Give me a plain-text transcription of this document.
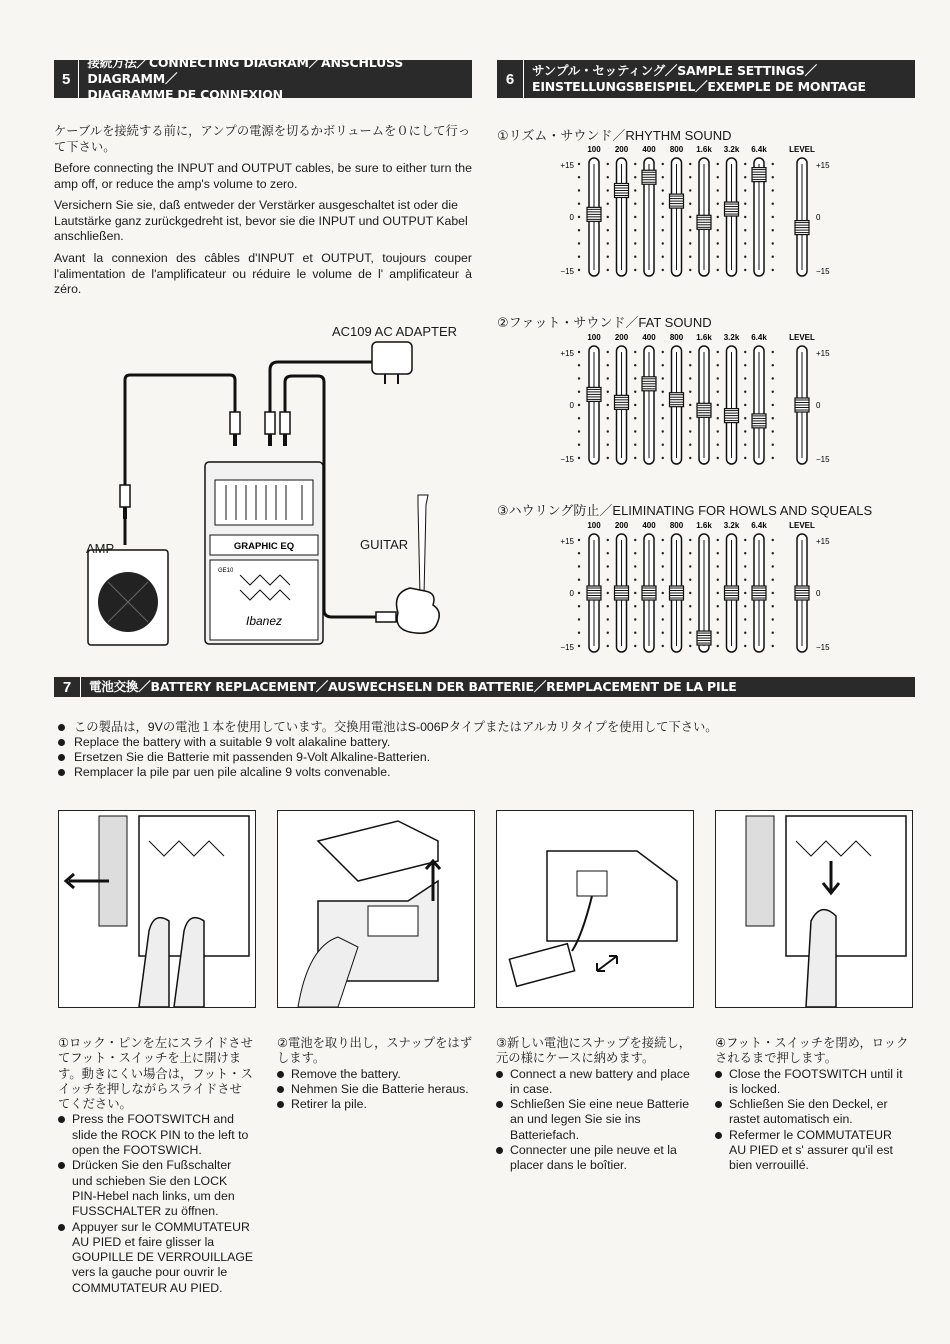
5
接続方法／CONNECTING DIAGRAM／ANSCHLUSS DIAGRAMM／
DIAGRAMME DE CONNEXION

ケーブルを接続する前に，アンプの電源を切るかボリュームを０にして行って下さい。

Before connecting the INPUT and OUTPUT cables, be sure to either turn the amp off, or reduce the amp's volume to zero.

Versichern Sie sie, daß entweder der Verstärker ausgeschaltet ist oder die Lautstärke ganz zurückgedreht ist, bevor sie die INPUT und OUTPUT Kabel anschließen.

Avant la connexion des câbles d'INPUT et OUTPUT, toujours couper l'alimentation de l'amplificateur ou réduire le volume de l' amplificateur à zéro.

GRAPHIC EQ
GE10
Ibanez
AC109 AC ADAPTER
AMP	GUITAR
6	サンプル・セッティング／SAMPLE SETTINGS／
EINSTELLUNGSBEISPIEL／EXEMPLE DE MONTAGE
①リズム・サウンド／RHYTHM SOUND
②ファット・サウンド／FAT SOUND
③ハウリング防止／ELIMINATING FOR HOWLS AND SQUEALS
100 200 400 800 1.6k 3.2k 6.4k	LEVEL
+15	+15
0	0
−15	−15
100 200 400 800 1.6k 3.2k 6.4k	LEVEL
+15	+15
0	0
−15	−15
100 200 400 800 1.6k 3.2k 6.4k	LEVEL
+15	+15
0	0
−15	−15
7	電池交換／BATTERY REPLACEMENT／AUSWECHSELN DER BATTERIE／REMPLACEMENT DE LA PILE
この製品は，9Vの電池１本を使用しています。交換用電池はS-006Pタイプまたはアルカリタイプを使用して下さい。
Replace the battery with a suitable 9 volt alakaline battery.
Ersetzen Sie die Batterie mit passenden 9-Volt Alkaline-Batterien.
Remplacer la pile par uen pile alcaline 9 volts convenable.
①ロック・ピンを左にスライドさせてフット・スイッチを上に開けます。動きにくい場合は，フット・スイッチを押しながらスライドさせてください。
Press the FOOTSWITCH and slide the ROCK PIN to the left to open the FOOTSWICH.
Drücken Sie den Fußschalter und schieben Sie den LOCK PIN-Hebel nach links, um den FUSSCHALTER zu öffnen.
Appuyer sur le COMMUTATEUR AU PIED et faire glisser la GOUPILLE DE VERROUILLAGE vers la gauche pour ouvrir le COMMUTATEUR AU PIED.
②電池を取り出し，スナップをはずします。
Remove the battery.
Nehmen Sie die Batterie heraus.
Retirer la pile.
③新しい電池にスナップを接続し，元の様にケースに納めます。
Connect a new battery and place in case.
Schließen Sie eine neue Batterie an und legen Sie sie ins Batteriefach.
Connecter une pile neuve et la placer dans le boîtier.
④フット・スイッチを閉め，ロックされるまで押します。
Close the FOOTSWITCH until it is locked.
Schließen Sie den Deckel, er rastet automatisch ein.
Refermer le COMMUTATEUR AU PIED et s' assurer qu'il est bien verrouillé.
